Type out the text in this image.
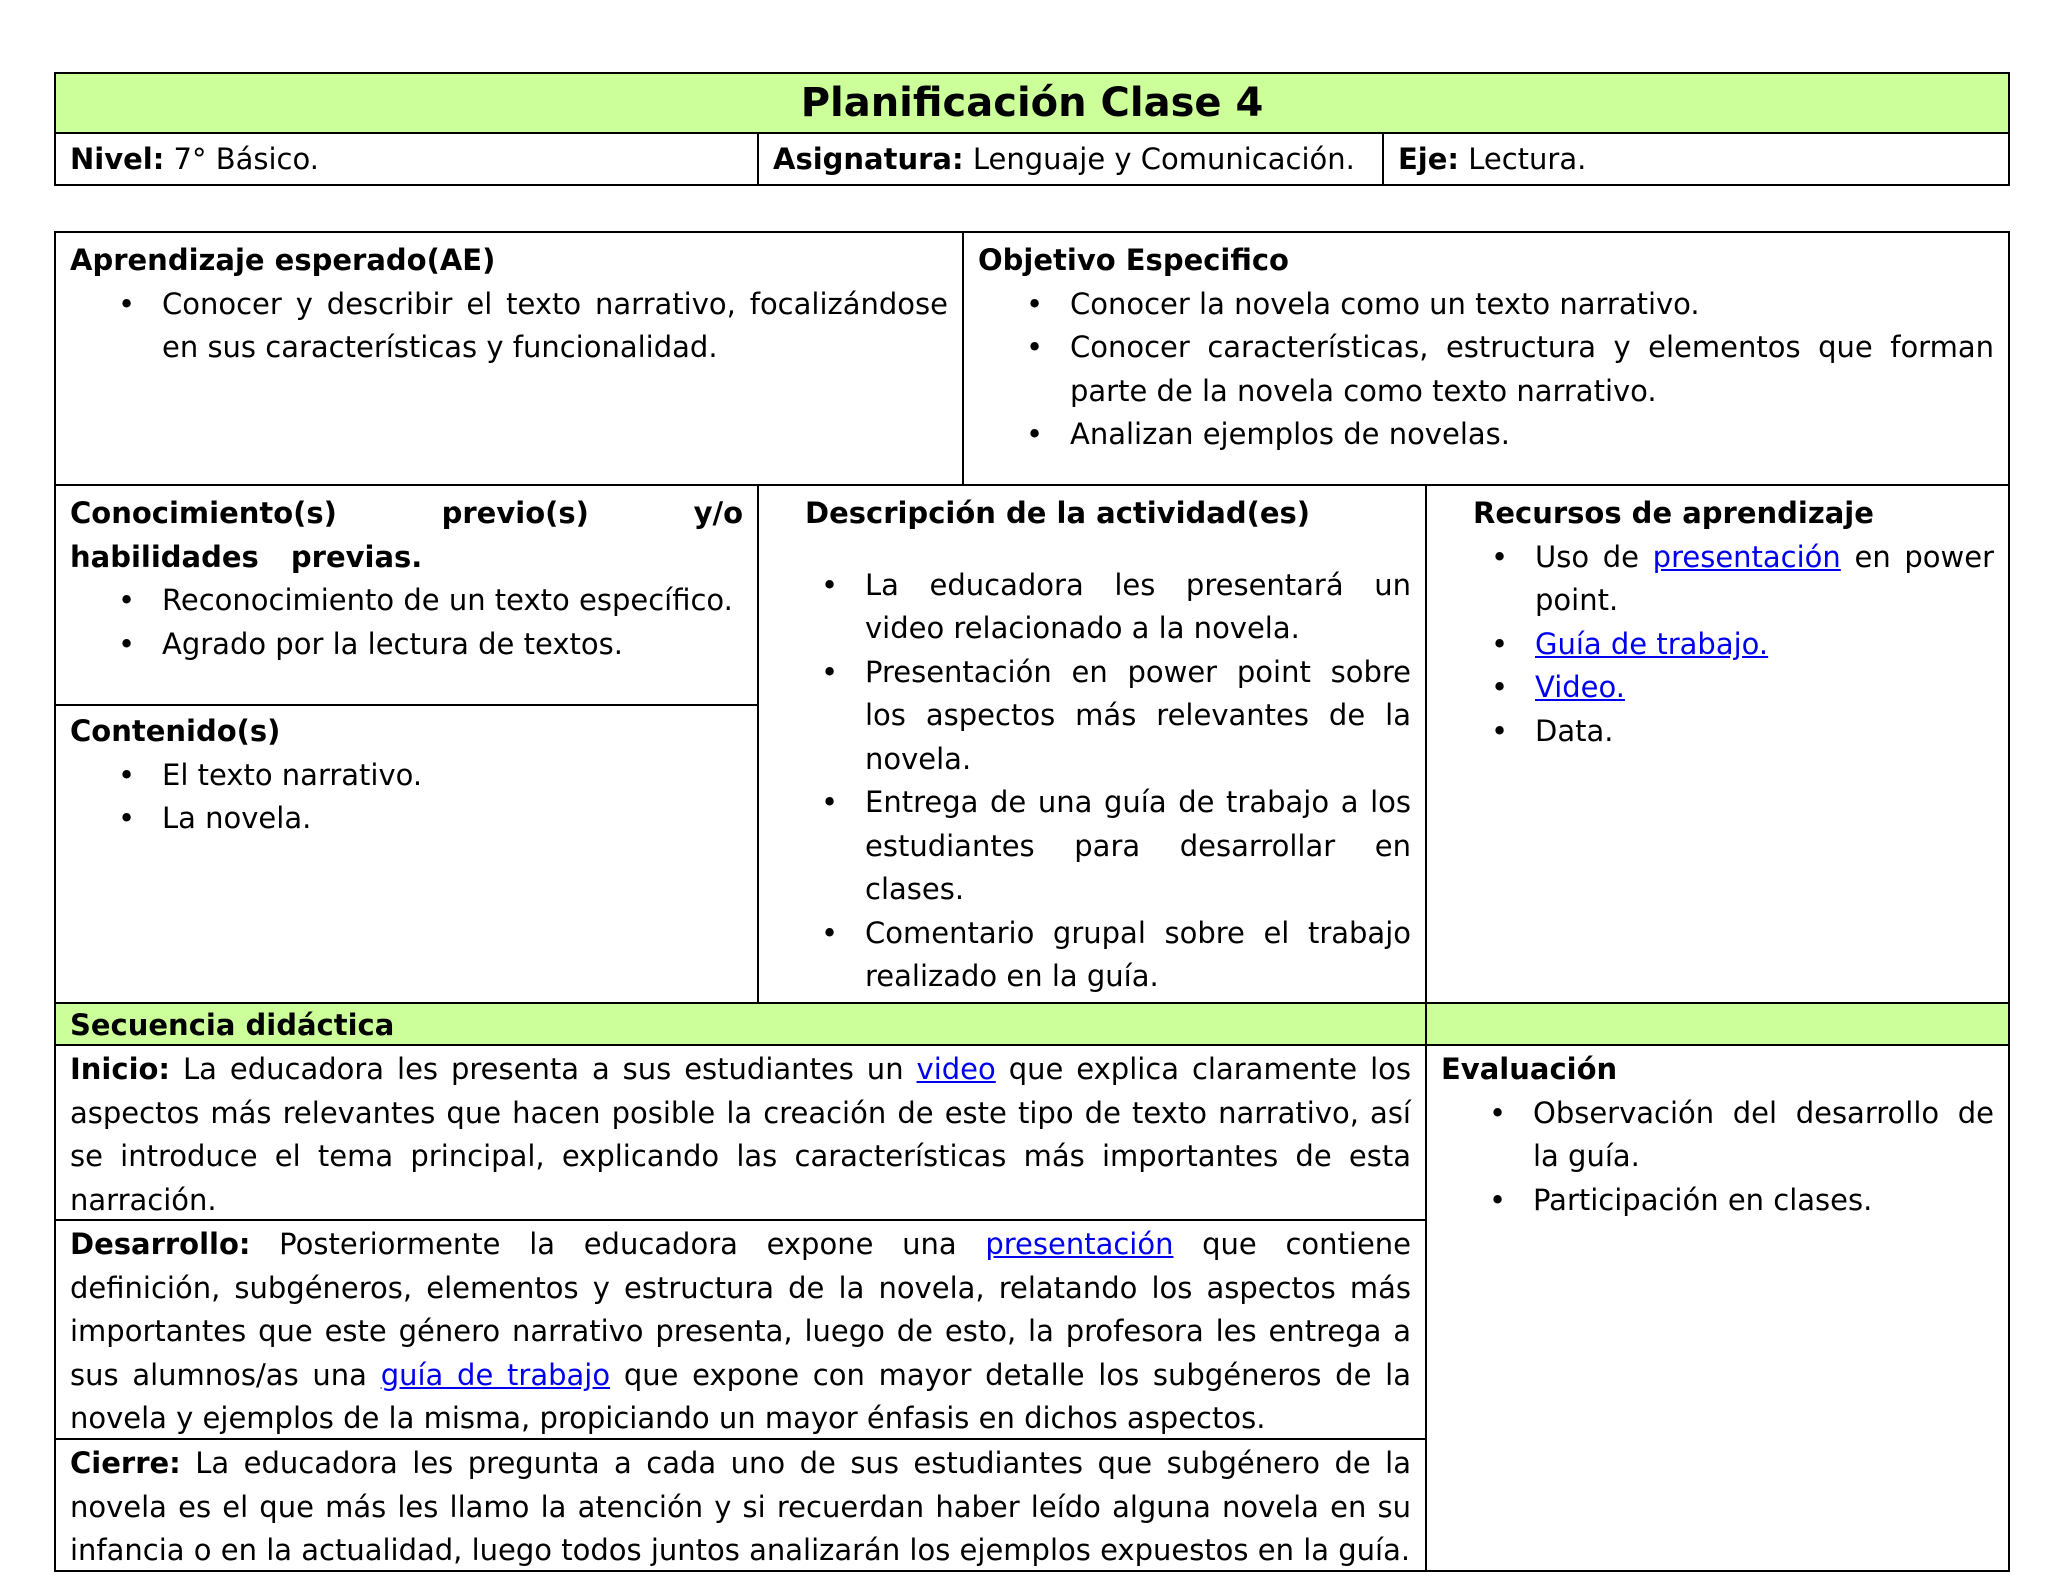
Planificación Clase 4
Nivel: 7° Básico.	Asignatura: Lenguaje y Comunicación.	Eje: Lectura.
Aprendizaje esperado(AE)
• Conocer y describir el texto narrativo, focalizándose en sus características y funcionalidad.
Objetivo Especifico
• Conocer la novela como un texto narrativo.
• Conocer características, estructura y elementos que forman parte de la novela como texto narrativo.
• Analizan ejemplos de novelas.
Conocimiento(s) previo(s) y/o habilidades previas.
• Reconocimiento de un texto específico.
• Agrado por la lectura de textos.
Contenido(s)
• El texto narrativo.
• La novela.
Descripción de la actividad(es)
• La educadora les presentará un video relacionado a la novela.
• Presentación en power point sobre los aspectos más relevantes de la novela.
• Entrega de una guía de trabajo a los estudiantes para desarrollar en clases.
• Comentario grupal sobre el trabajo realizado en la guía.
Recursos de aprendizaje
• Uso de presentación en power point.
• Guía de trabajo.
• Video.
• Data.
Secuencia didáctica
Inicio: La educadora les presenta a sus estudiantes un video que explica claramente los aspectos más relevantes que hacen posible la creación de este tipo de texto narrativo, así se introduce el tema principal, explicando las características más importantes de esta narración.
Desarrollo: Posteriormente la educadora expone una presentación que contiene definición, subgéneros, elementos y estructura de la novela, relatando los aspectos más importantes que este género narrativo presenta, luego de esto, la profesora les entrega a sus alumnos/as una guía de trabajo que expone con mayor detalle los subgéneros de la novela y ejemplos de la misma, propiciando un mayor énfasis en dichos aspectos.
Cierre: La educadora les pregunta a cada uno de sus estudiantes que subgénero de la novela es el que más les llamo la atención y si recuerdan haber leído alguna novela en su infancia o en la actualidad, luego todos juntos analizarán los ejemplos expuestos en la guía.
Evaluación
• Observación del desarrollo de la guía.
• Participación en clases.
